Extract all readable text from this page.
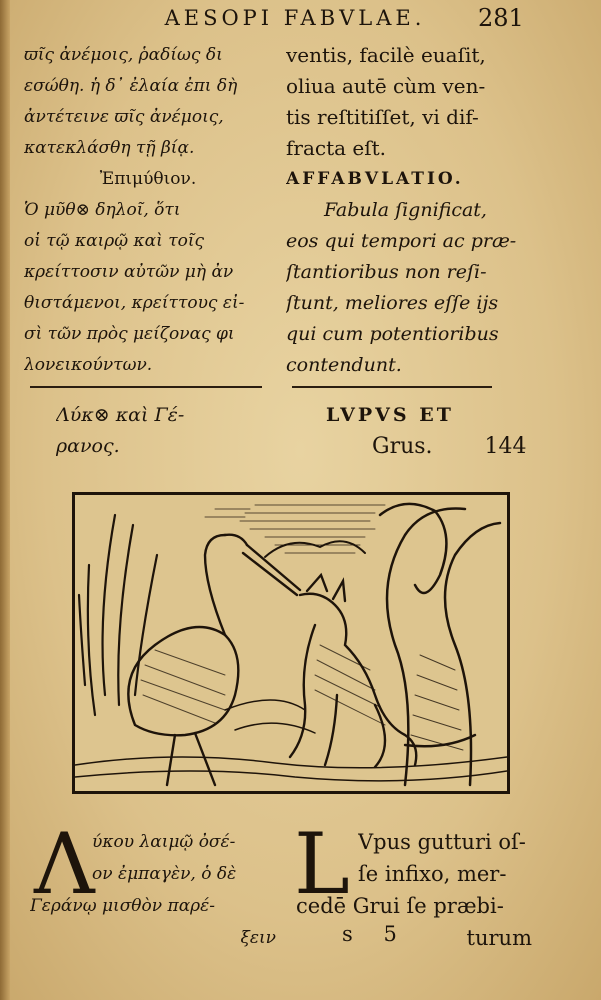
AESOPI FABVLAE.	281
ϖῖς ἀνέμοις, ῥαδίως δι
εσώθη. ἡ δ᾽ ἐλαία ἐπι δὴ
ἀντέτεινε ϖῖς ἀνέμοις,
κατεκλάσθη τῇ βίᾳ.
Ἐπιμύθιον.
Ὁ μῦθ⊗ δηλοῖ, ὅτι
οἱ τῷ καιρῷ καὶ τοῖς
κρείττοσιν αὐτῶν μὴ ἀν
θιστάμενοι, κρείττους εἰ-
σὶ τῶν πρὸς μείζονας φι
λονεικούντων.
ventis, facilè euaſit,
oliua autē cùm ven-
tis reſtitiſſet, vi dif-
fracta eſt.
AFFABVLATIO.
Fabula ſignificat,
eos qui tempori ac præ-
ſtantioribus non reſi-
ſtunt, meliores eſſe ijs
qui cum potentioribus
contendunt.
Λύκ⊗ καὶ Γέ-
ρανος.
LVPVS ET
Grus. 144
Λ
ύκου λαιμῷ ὀσέ-
ον ἐμπαγὲν, ὁ δὲ
Γεράνῳ μισθὸν παρέ-
ξειν
L Vpus gutturi oſ-
ſe infixo, mer-
cedē Grui ſe præbi-
turum
s 5
